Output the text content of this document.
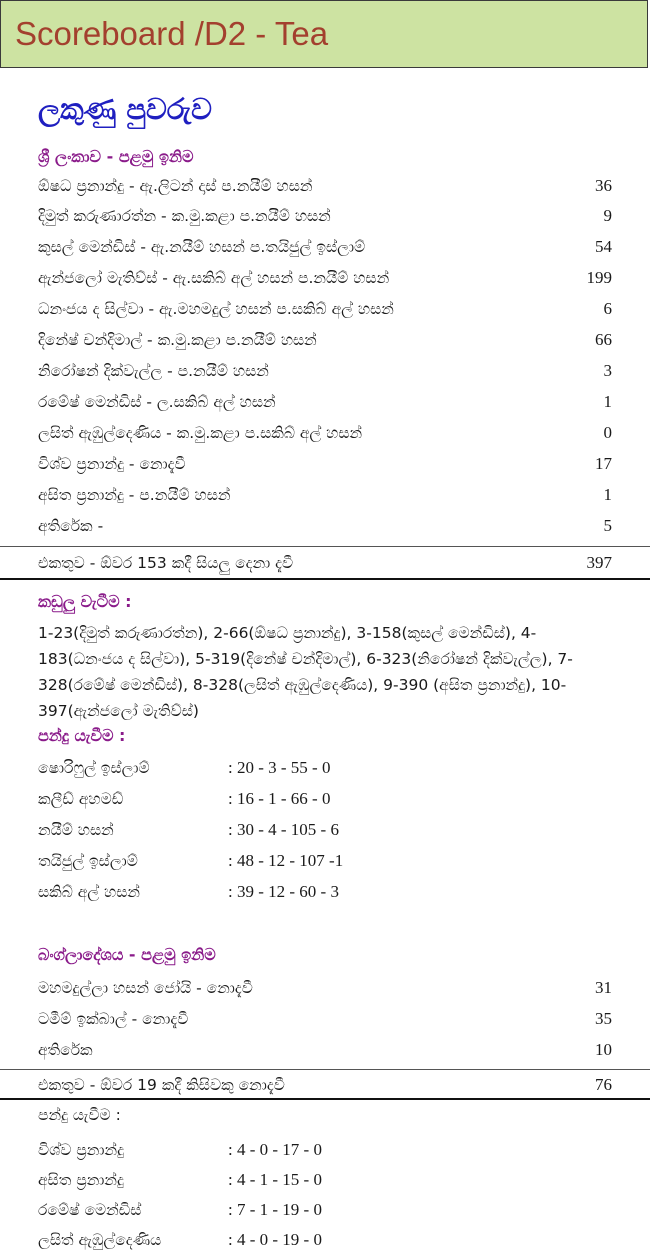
Scoreboard /D2 - Tea
ලකුණු පුවරුව
ශ්‍රී ලංකාව - පළමු ඉනිම
ඕෂධ ප්‍රනාන්දු - ඇ.ලිටන් දාස් ප.නයීම් හසන්	36
දිමුත් කරුණාරත්න - ක.මු.කළා ප.නයීම් හසන්	9
කුසල් මෙන්ඩිස් - ඇ.නයීම් හසන් ප.තයිජුල් ඉස්ලාම්	54
ඇන්ජලෝ මැතිව්ස් - ඇ.සකිබ් අල් හසන් ප.නයීම් හසන්	199
ධනංජය ද සිල්වා - ඇ.මහමදුල් හසන් ප.සකිබ් අල් හසන්	6
දිනේෂ් චන්දිමාල් - ක.මු.කළා ප.නයීම් හසන්	66
නිරෝෂන් දික්වැල්ල - ප.නයීම් හසන්	3
රමේෂ් මෙන්ඩිස් - ල.සකිබ් අල් හසන්	1
ලසිත් ඇඹුල්දෙණිය - ක.මු.කළා ප.සකිබ් අල් හසන්	0
විශ්ව ප්‍රනාන්දු - නොදැවී	17
අසිත ප්‍රනාන්දු - ප.නයීම් හසන්	1
අතිරේක -	5
එකතුව - ඕවර 153 කදී සියලු දෙනා දැවී	397
කඩුලු වැටීම :
1-23(දිමුත් කරුණාරත්න), 2-66(ඕෂධ ප්‍රනාන්දු), 3-158(කුසල් මෙන්ඩිස්), 4-183(ධනංජය ද සිල්වා), 5-319(දිනේෂ් චන්දිමාල්), 6-323(නිරෝෂන් දික්වැල්ල), 7-328(රමේෂ් මෙන්ඩිස්), 8-328(ලසිත් ඇඹුල්දෙණිය), 9-390 (අසිත ප්‍රනාන්දු), 10-397(ඇන්ජලෝ මැතිව්ස්)
පන්දු යැවීම :
ෂොරිෆුල් ඉස්ලාම්	: 20 - 3 - 55 - 0
කලීඩ් අහමඩ්	: 16 - 1 - 66 - 0
නයීම් හසන්	: 30 - 4 - 105 - 6
තයිජුල් ඉස්ලාම්	: 48 - 12 - 107 -1
සකිබ් අල් හසන්	: 39 - 12 - 60 - 3
බංග්ලාදේශය - පළමු ඉනිම
මහමදුල්ලා හසන් ජෝයි - නොදැවී	31
ටමීම් ඉක්බාල් - නොදැවී	35
අතිරේක	10
එකතුව - ඕවර 19 කදී කිසිවකු නොදැවී	76
පන්දු යැවීම :
විශ්ව ප්‍රනාන්දු	: 4 - 0 - 17 - 0
අසිත ප්‍රනාන්දු	: 4 - 1 - 15 - 0
රමේෂ් මෙන්ඩිස්	: 7 - 1 - 19 - 0
ලසිත් ඇඹුල්දෙණිය	: 4 - 0 - 19 - 0
